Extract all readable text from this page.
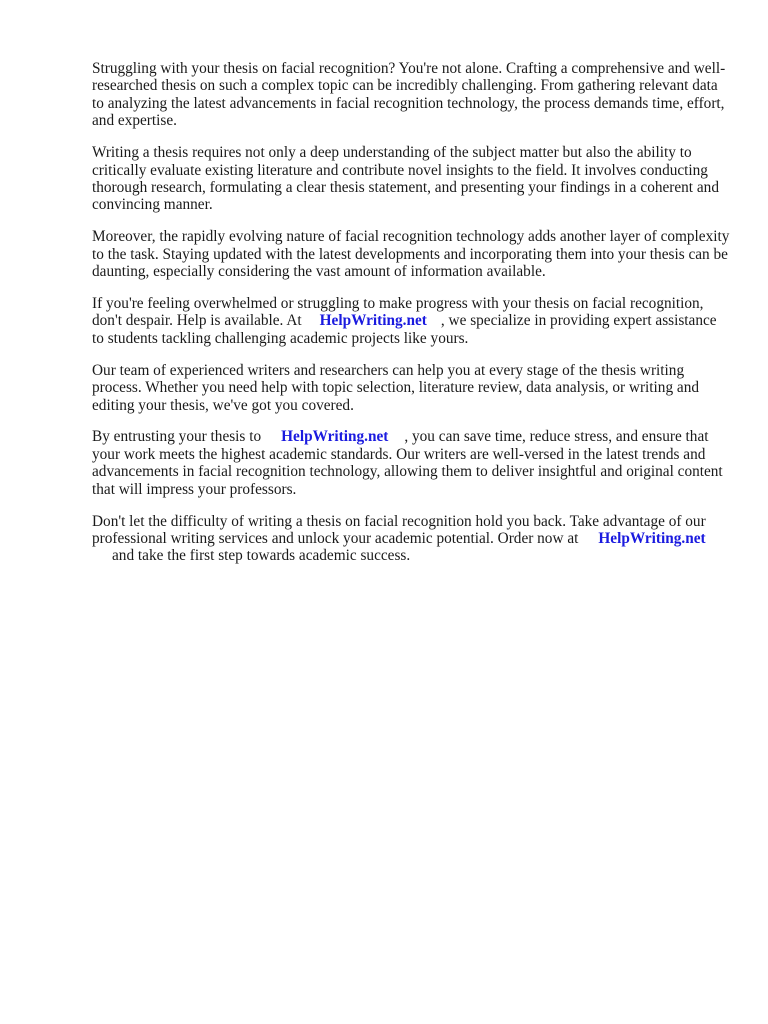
Struggling with your thesis on facial recognition? You're not alone. Crafting a comprehensive and well-researched thesis on such a complex topic can be incredibly challenging. From gathering relevant data to analyzing the latest advancements in facial recognition technology, the process demands time, effort, and expertise.

Writing a thesis requires not only a deep understanding of the subject matter but also the ability to critically evaluate existing literature and contribute novel insights to the field. It involves conducting thorough research, formulating a clear thesis statement, and presenting your findings in a coherent and convincing manner.

Moreover, the rapidly evolving nature of facial recognition technology adds another layer of complexity to the task. Staying updated with the latest developments and incorporating them into your thesis can be daunting, especially considering the vast amount of information available.

If you're feeling overwhelmed or struggling to make progress with your thesis on facial recognition, don't despair. Help is available. At HelpWriting.net , we specialize in providing expert assistance to students tackling challenging academic projects like yours.

Our team of experienced writers and researchers can help you at every stage of the thesis writing process. Whether you need help with topic selection, literature review, data analysis, or writing and editing your thesis, we've got you covered.

By entrusting your thesis to HelpWriting.net , you can save time, reduce stress, and ensure that your work meets the highest academic standards. Our writers are well-versed in the latest trends and advancements in facial recognition technology, allowing them to deliver insightful and original content that will impress your professors.

Don't let the difficulty of writing a thesis on facial recognition hold you back. Take advantage of our professional writing services and unlock your academic potential. Order now at HelpWriting.net
and take the first step towards academic success.
